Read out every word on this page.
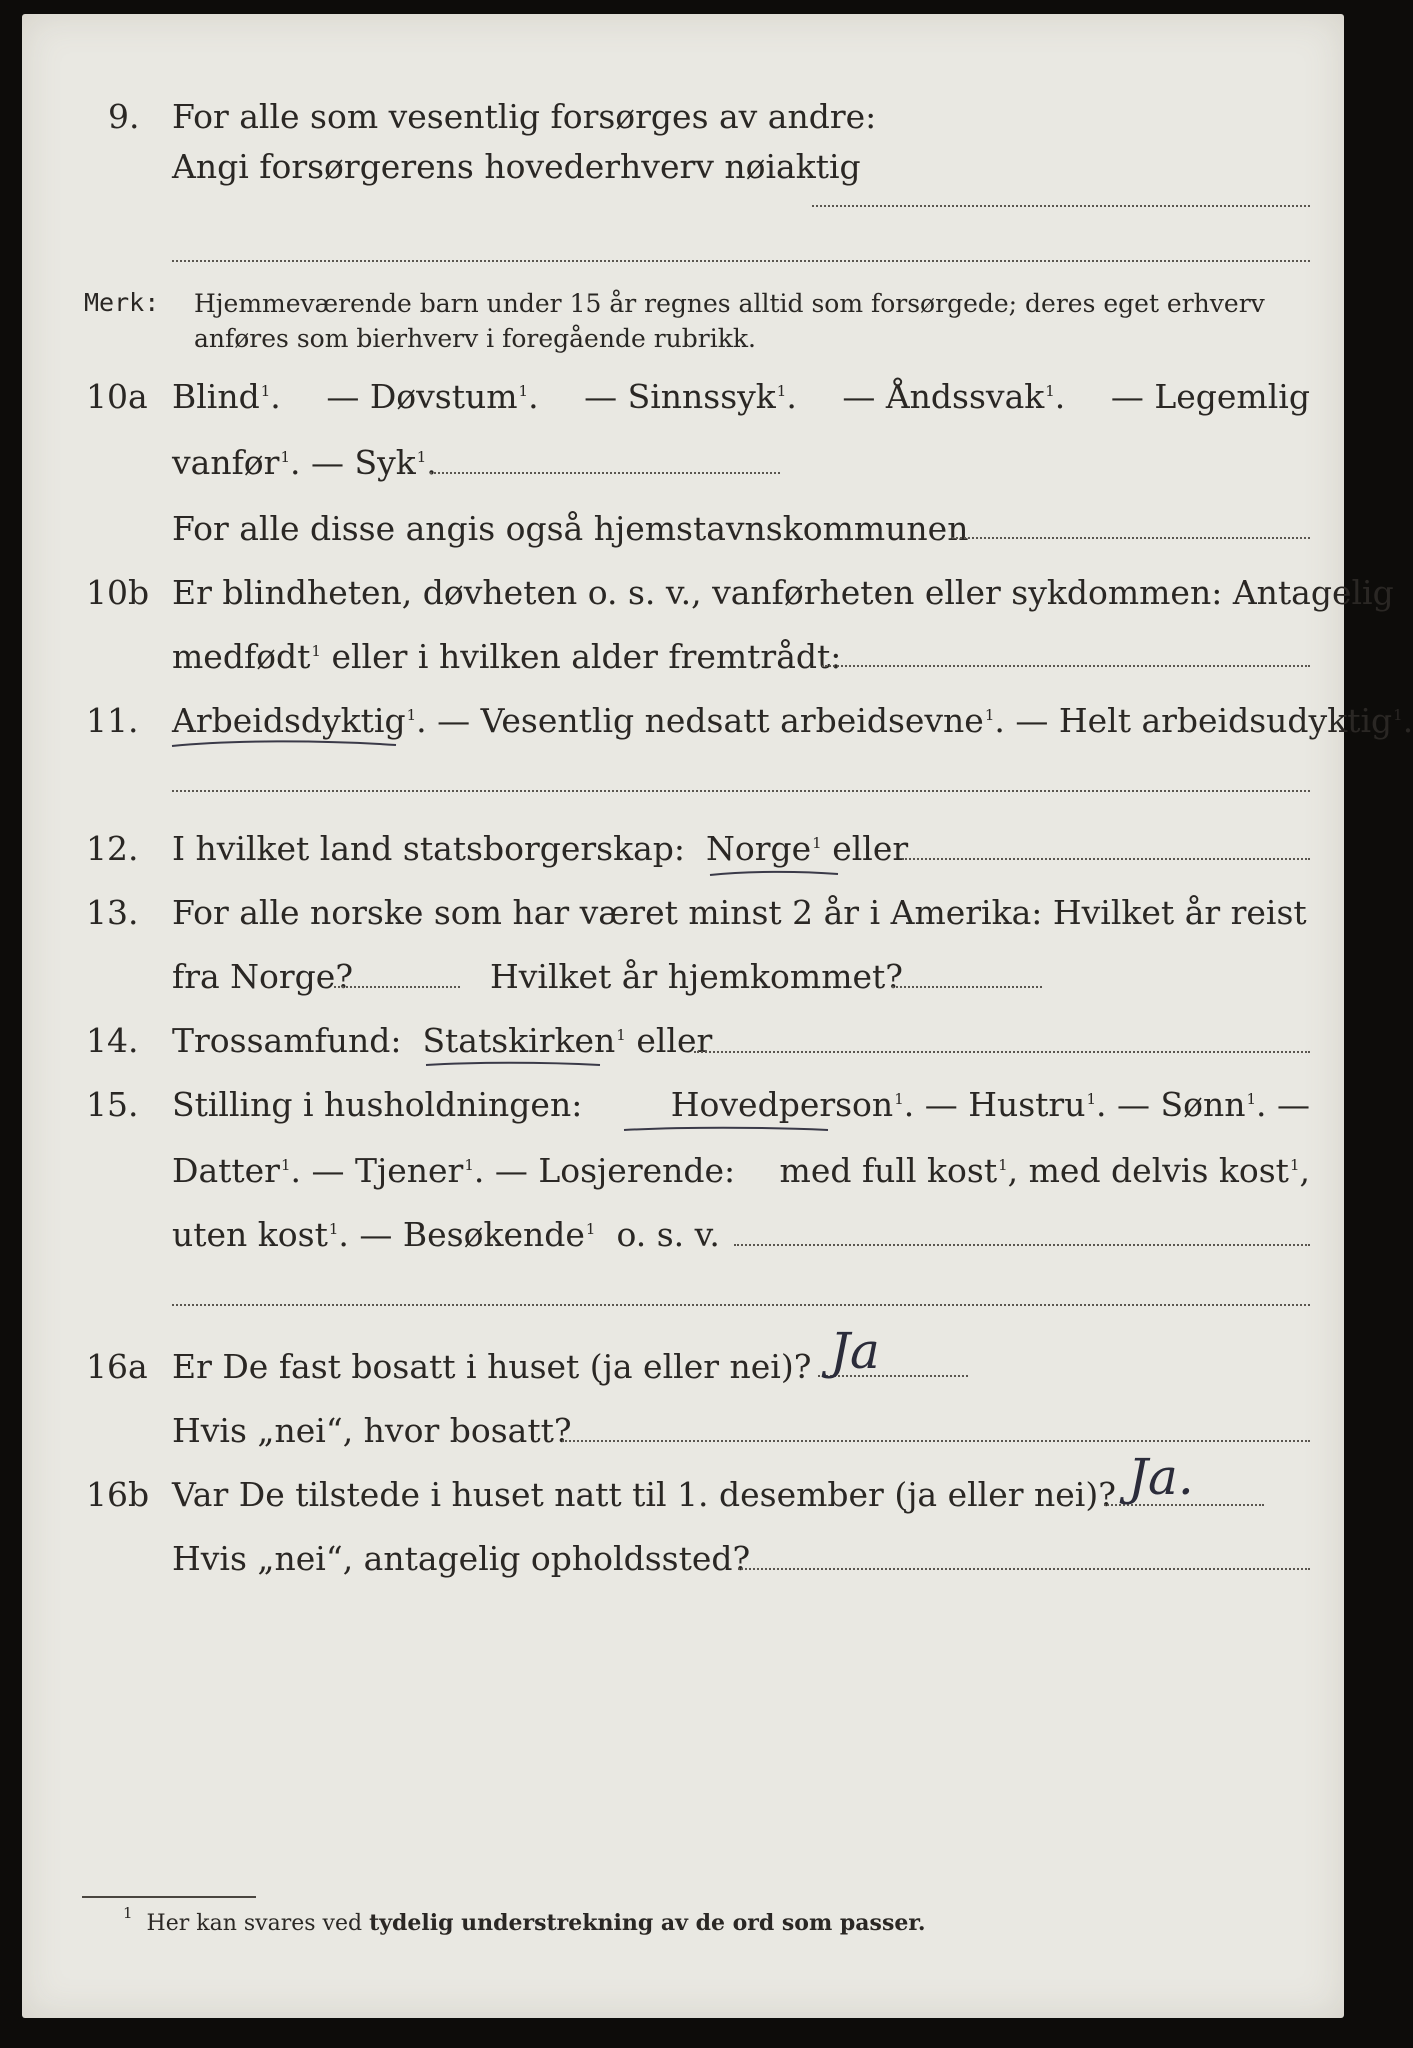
9. For alle som vesentlig forsørges av andre:
Angi forsørgerens hovederhverv nøiaktig
Merk: Hjemmeværende barn under 15 år regnes alltid som forsørgede; deres eget erhverv
anføres som bierhverv i foregående rubrikk.
10a Blind$^1$. — Døvstum$^1$. — Sinnssyk$^1$. — Åndssvak$^1$. — Legemlig
vanfør$^1$. — Syk$^1$.
For alle disse angis også hjemstavnskommunen
10b Er blindheten, døvheten o. s. v., vanførheten eller sykdommen: Antagelig
medfødt$^1$ eller i hvilken alder fremtrådt:
11. Arbeidsdyktig$^1$. — Vesentlig nedsatt arbeidsevne$^1$. — Helt arbeidsudyktig$^1$.
12. I hvilket land statsborgerskap: Norge$^1$ eller
13. For alle norske som har været minst 2 år i Amerika: Hvilket år reist
fra Norge?	Hvilket år hjemkommet?
14. Trossamfund: Statskirken$^1$ eller
15. Stilling i husholdningen:	Hovedperson$^1$. — Hustru$^1$. — Sønn$^1$. —
Datter$^1$. — Tjener$^1$. — Losjerende: med full kost$^1$, med delvis kost$^1$,
uten kost$^1$. — Besøkende$^1$ o. s. v.
16a Er De fast bosatt i huset (ja eller nei)? Ja
Hvis „nei“, hvor bosatt?
16b Var De tilstede i huset natt til 1. desember (ja eller nei)? Ja.
Hvis „nei“, antagelig opholdssted?
$^1$ Her kan svares ved tydelig understrekning av de ord som passer.
